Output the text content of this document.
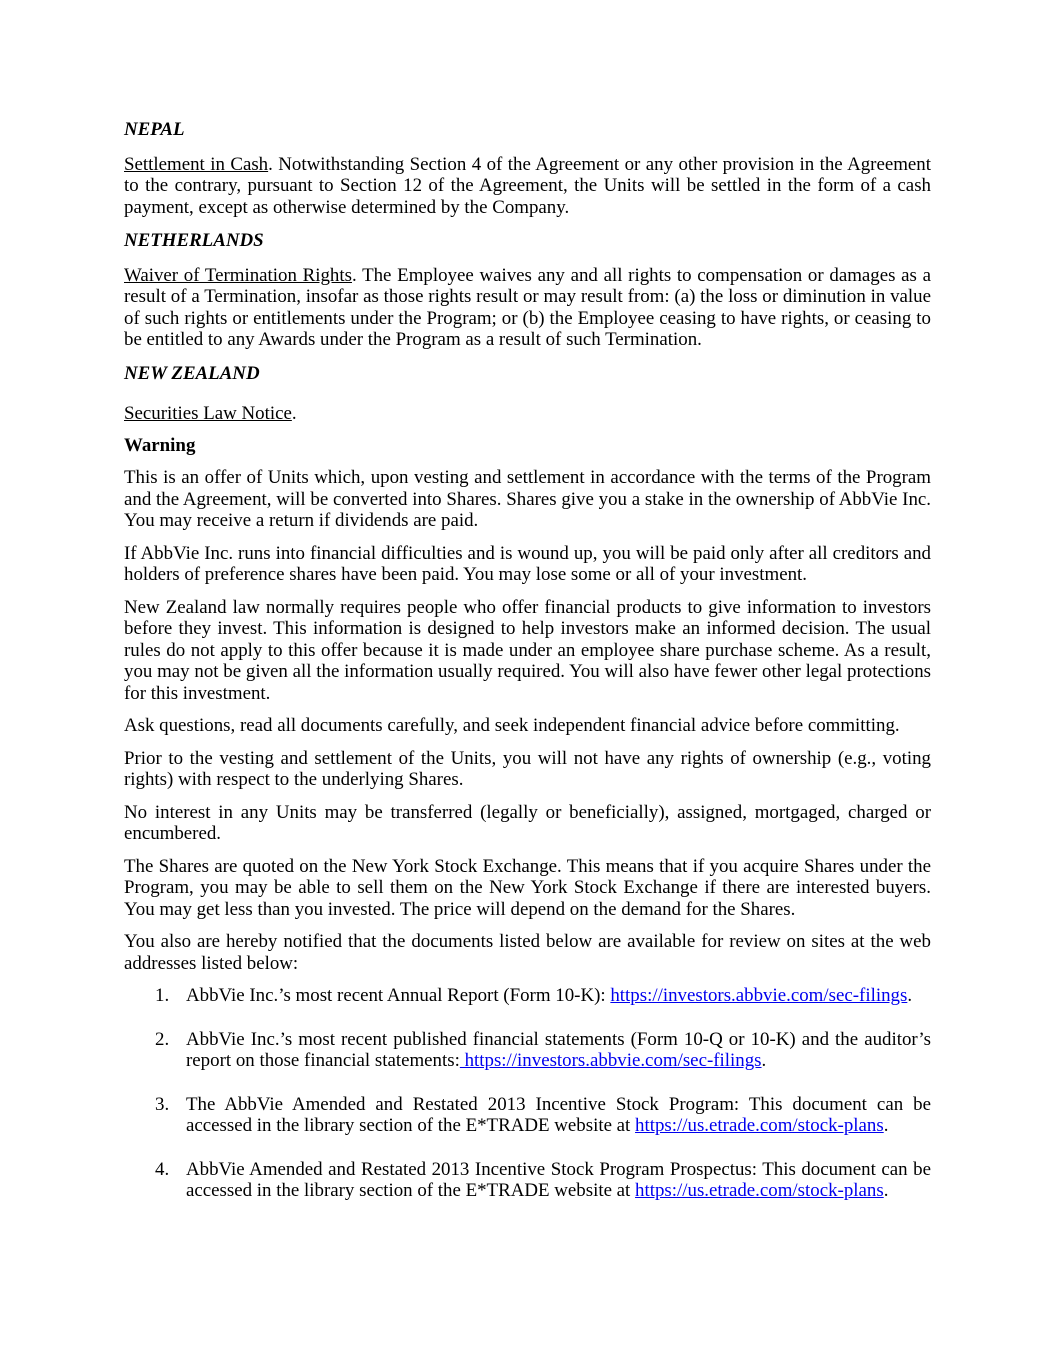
NEPAL

Settlement in Cash. Notwithstanding Section 4 of the Agreement or any other provision in the Agreement to the contrary, pursuant to Section 12 of the Agreement, the Units will be settled in the form of a cash payment, except as otherwise determined by the Company.

NETHERLANDS

Waiver of Termination Rights. The Employee waives any and all rights to compensation or damages as a result of a Termination, insofar as those rights result or may result from: (a) the loss or diminution in value of such rights or entitlements under the Program; or (b) the Employee ceasing to have rights, or ceasing to be entitled to any Awards under the Program as a result of such Termination.

NEW ZEALAND

Securities Law Notice.

Warning

This is an offer of Units which, upon vesting and settlement in accordance with the terms of the Program and the Agreement, will be converted into Shares. Shares give you a stake in the ownership of AbbVie Inc. You may receive a return if dividends are paid.

If AbbVie Inc. runs into financial difficulties and is wound up, you will be paid only after all creditors and holders of preference shares have been paid. You may lose some or all of your investment.

New Zealand law normally requires people who offer financial products to give information to investors before they invest. This information is designed to help investors make an informed decision. The usual rules do not apply to this offer because it is made under an employee share purchase scheme. As a result, you may not be given all the information usually required. You will also have fewer other legal protections for this investment.

Ask questions, read all documents carefully, and seek independent financial advice before committing.

Prior to the vesting and settlement of the Units, you will not have any rights of ownership (e.g., voting rights) with respect to the underlying Shares.

No interest in any Units may be transferred (legally or beneficially), assigned, mortgaged, charged or encumbered.

The Shares are quoted on the New York Stock Exchange. This means that if you acquire Shares under the Program, you may be able to sell them on the New York Stock Exchange if there are interested buyers. You may get less than you invested. The price will depend on the demand for the Shares.

You also are hereby notified that the documents listed below are available for review on sites at the web addresses listed below:

1. AbbVie Inc.’s most recent Annual Report (Form 10-K): https://investors.abbvie.com/sec-filings.
2. AbbVie Inc.’s most recent published financial statements (Form 10-Q or 10-K) and the auditor’s report on those financial statements: https://investors.abbvie.com/sec-filings.
3. The AbbVie Amended and Restated 2013 Incentive Stock Program: This document can be accessed in the library section of the E*TRADE website at https://us.etrade.com/stock-plans.
4. AbbVie Amended and Restated 2013 Incentive Stock Program Prospectus: This document can be accessed in the library section of the E*TRADE website at https://us.etrade.com/stock-plans.
